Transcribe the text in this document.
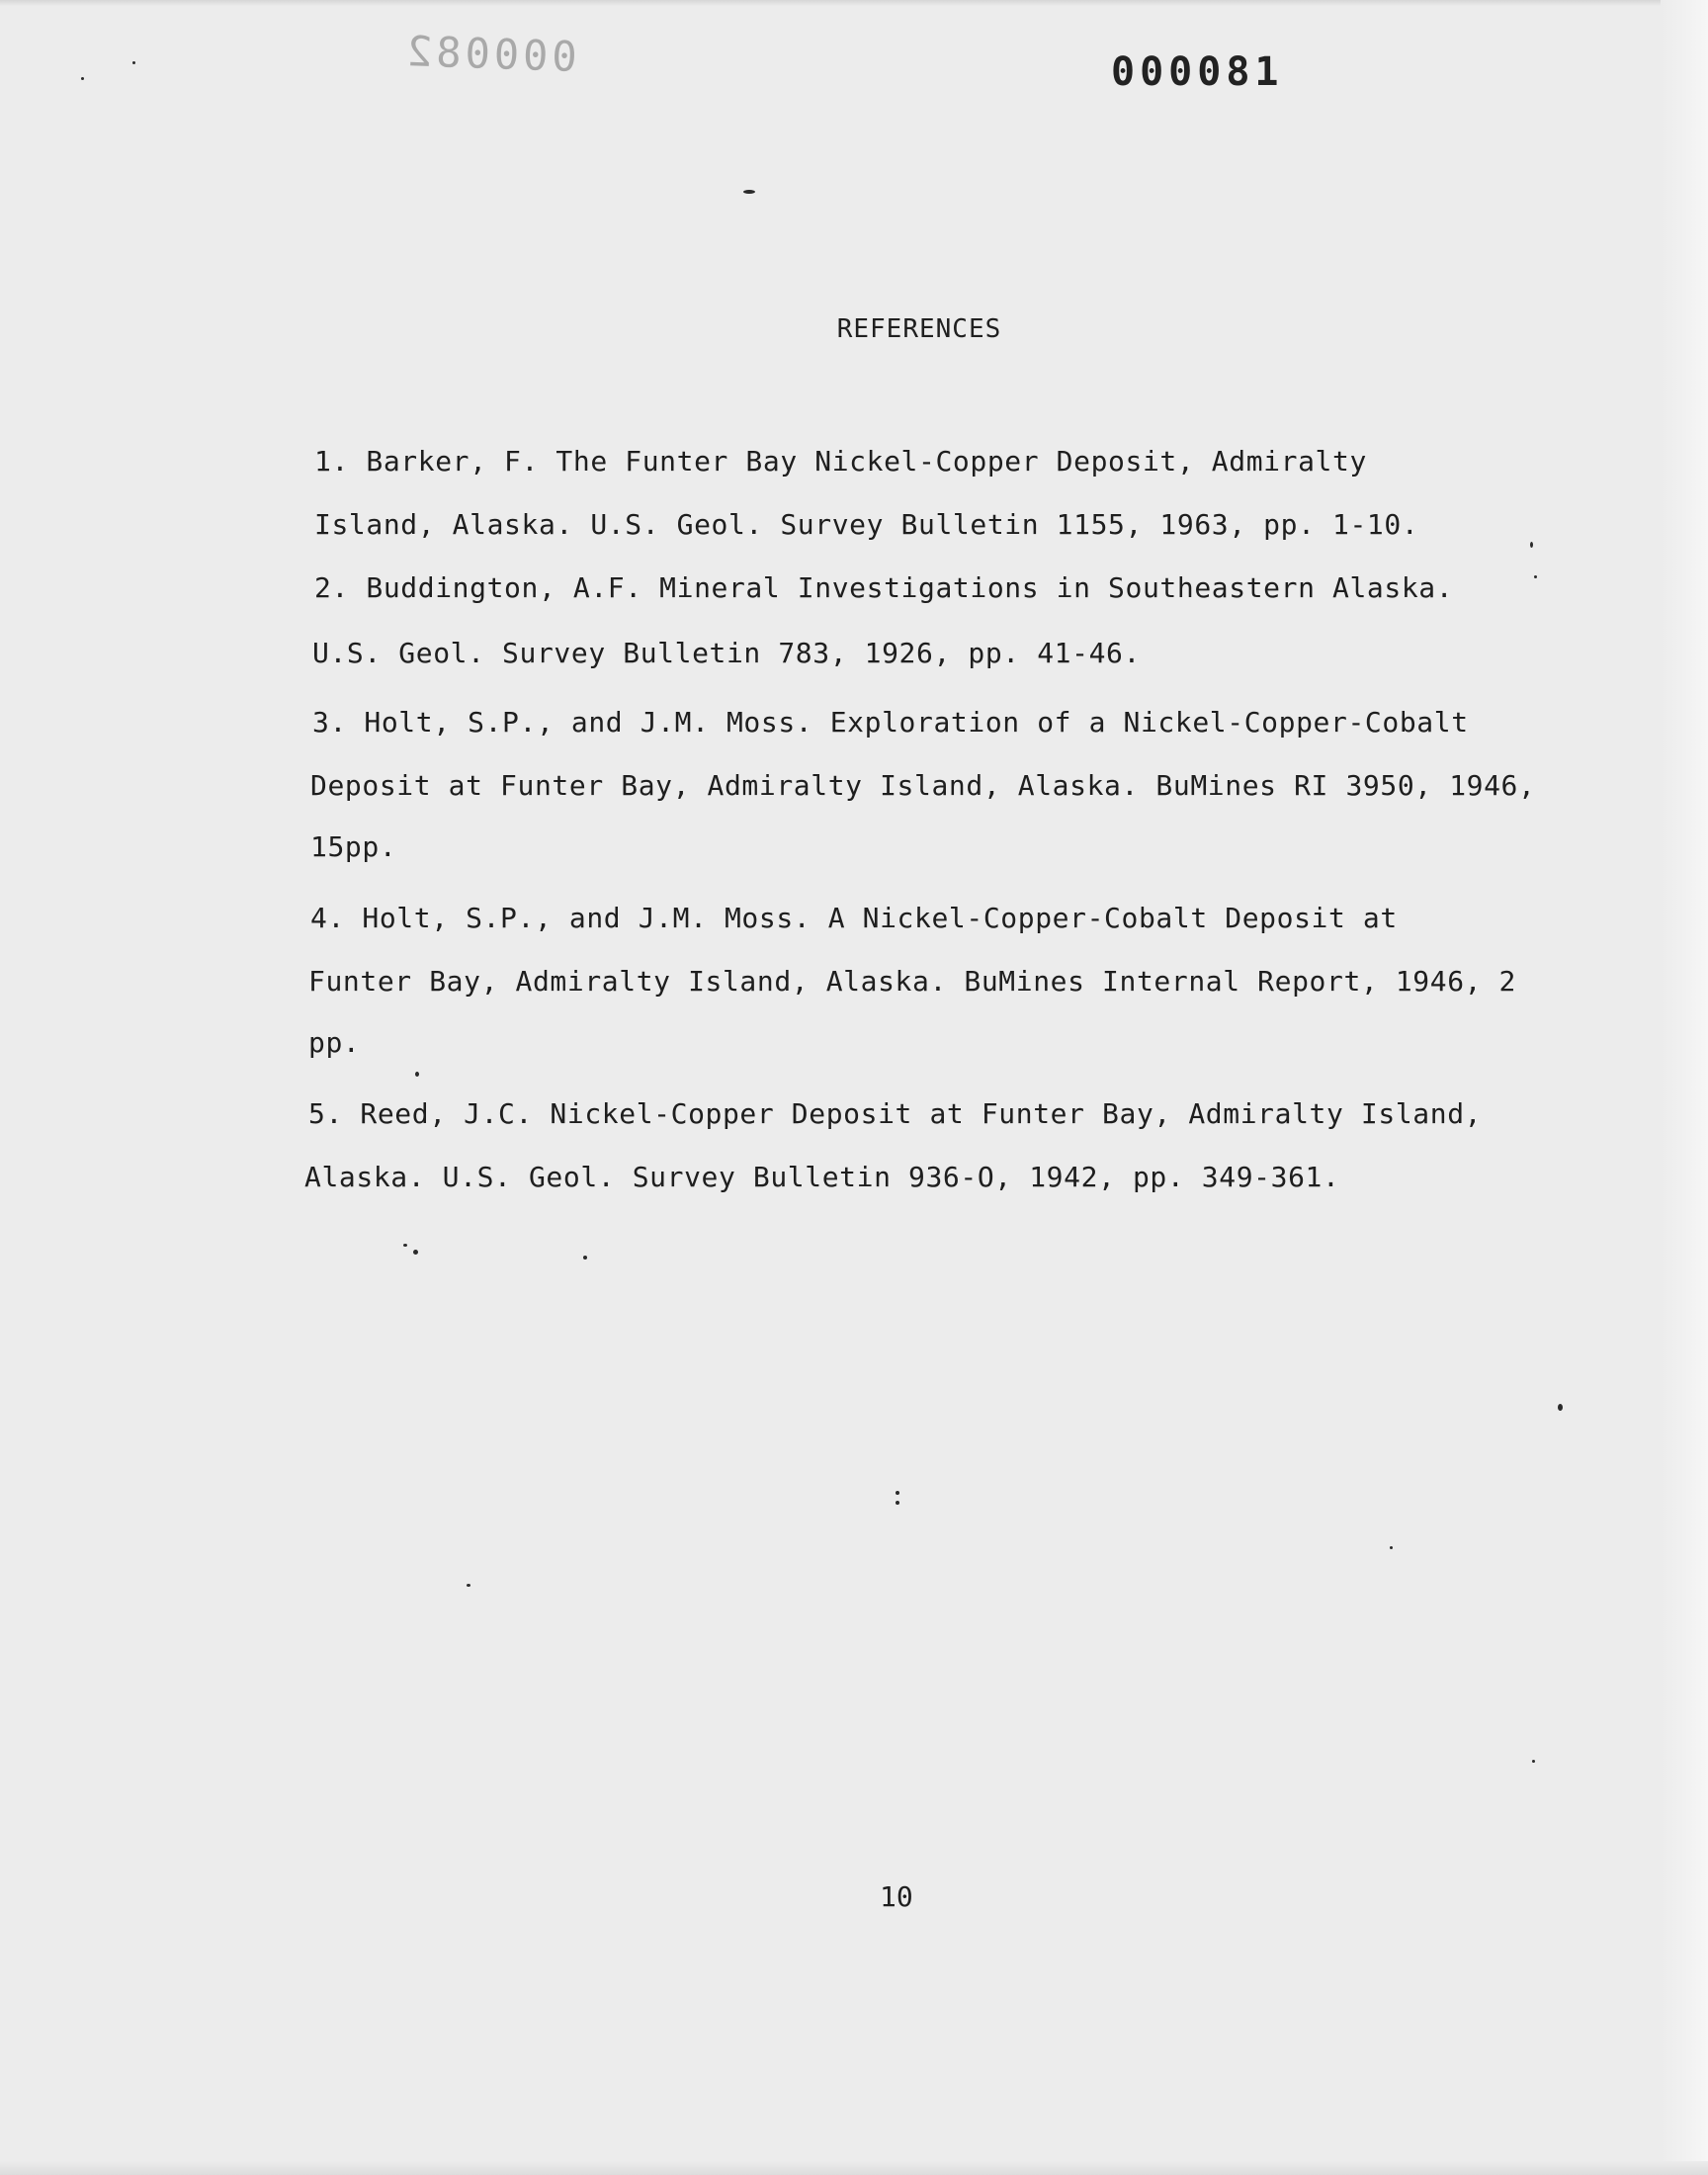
000082	000081
REFERENCES
1. Barker, F. The Funter Bay Nickel-Copper Deposit, Admiralty
Island, Alaska. U.S. Geol. Survey Bulletin 1155, 1963, pp. 1-10.
2. Buddington, A.F. Mineral Investigations in Southeastern Alaska.
U.S. Geol. Survey Bulletin 783, 1926, pp. 41-46.
3. Holt, S.P., and J.M. Moss. Exploration of a Nickel-Copper-Cobalt
Deposit at Funter Bay, Admiralty Island, Alaska. BuMines RI 3950, 1946,
15pp.
4. Holt, S.P., and J.M. Moss. A Nickel-Copper-Cobalt Deposit at
Funter Bay, Admiralty Island, Alaska. BuMines Internal Report, 1946, 2
pp.
5. Reed, J.C. Nickel-Copper Deposit at Funter Bay, Admiralty Island,
Alaska. U.S. Geol. Survey Bulletin 936-O, 1942, pp. 349-361.
10
